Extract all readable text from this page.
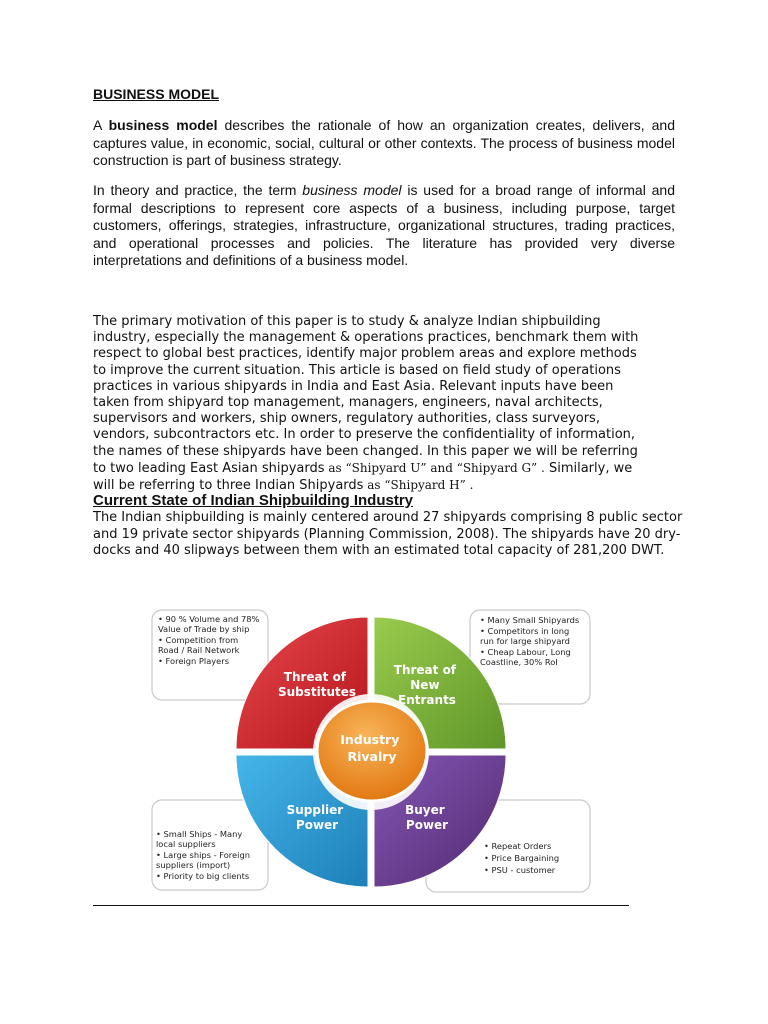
BUSINESS MODEL

A business model describes the rationale of how an organization creates, delivers, and captures value, in economic, social, cultural or other contexts. The process of business model construction is part of business strategy.

In theory and practice, the term business model is used for a broad range of informal and formal descriptions to represent core aspects of a business, including purpose, target customers, offerings, strategies, infrastructure, organizational structures, trading practices, and operational processes and policies. The literature has provided very diverse interpretations and definitions of a business model.

The primary motivation of this paper is to study & analyze Indian shipbuilding industry, especially the management & operations practices, benchmark them with respect to global best practices, identify major problem areas and explore methods to improve the current situation. This article is based on field study of operations practices in various shipyards in India and East Asia. Relevant inputs have been taken from shipyard top management, managers, engineers, naval architects, supervisors and workers, ship owners, regulatory authorities, class surveyors, vendors, subcontractors etc. In order to preserve the confidentiality of information, the names of these shipyards have been changed. In this paper we will be referring to two leading East Asian shipyards as “Shipyard U” and “Shipyard G” . Similarly, we will be referring to three Indian Shipyards as “Shipyard H” .

Current State of Indian Shipbuilding Industry

The Indian shipbuilding is mainly centered around 27 shipyards comprising 8 public sector and 19 private sector shipyards (Planning Commission, 2008). The shipyards have 20 dry-docks and 40 slipways between them with an estimated total capacity of 281,200 DWT.

Threat of Substitutes
Threat of New Entrants
Supplier Power
Buyer Power
Industry Rivalry
• 90 % Volume and 78% Value of Trade by ship • Competition from Road / Rail Network • Foreign Players
• Many Small Shipyards • Competitors in long run for large shipyard • Cheap Labour, Long Coastline, 30% RoI
• Small Ships - Many local suppliers • Large ships - Foreign suppliers (import) • Priority to big clients
• Repeat Orders • Price Bargaining • PSU - customer
